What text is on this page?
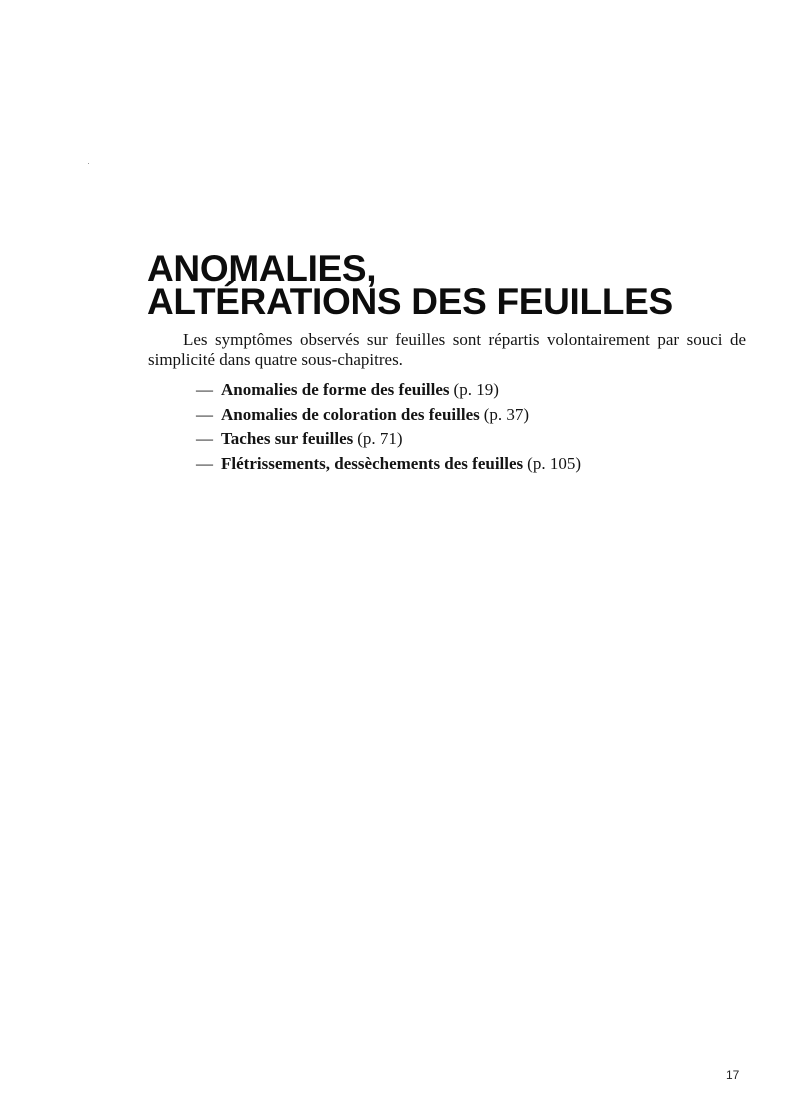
ANOMALIES,
ALTÉRATIONS DES FEUILLES

Les symptômes observés sur feuilles sont répartis volontairement par souci de simplicité dans quatre sous-chapitres.

— Anomalies de forme des feuilles (p. 19)
— Anomalies de coloration des feuilles (p. 37)
— Taches sur feuilles (p. 71)
— Flétrissements, dessèchements des feuilles (p. 105)

17
